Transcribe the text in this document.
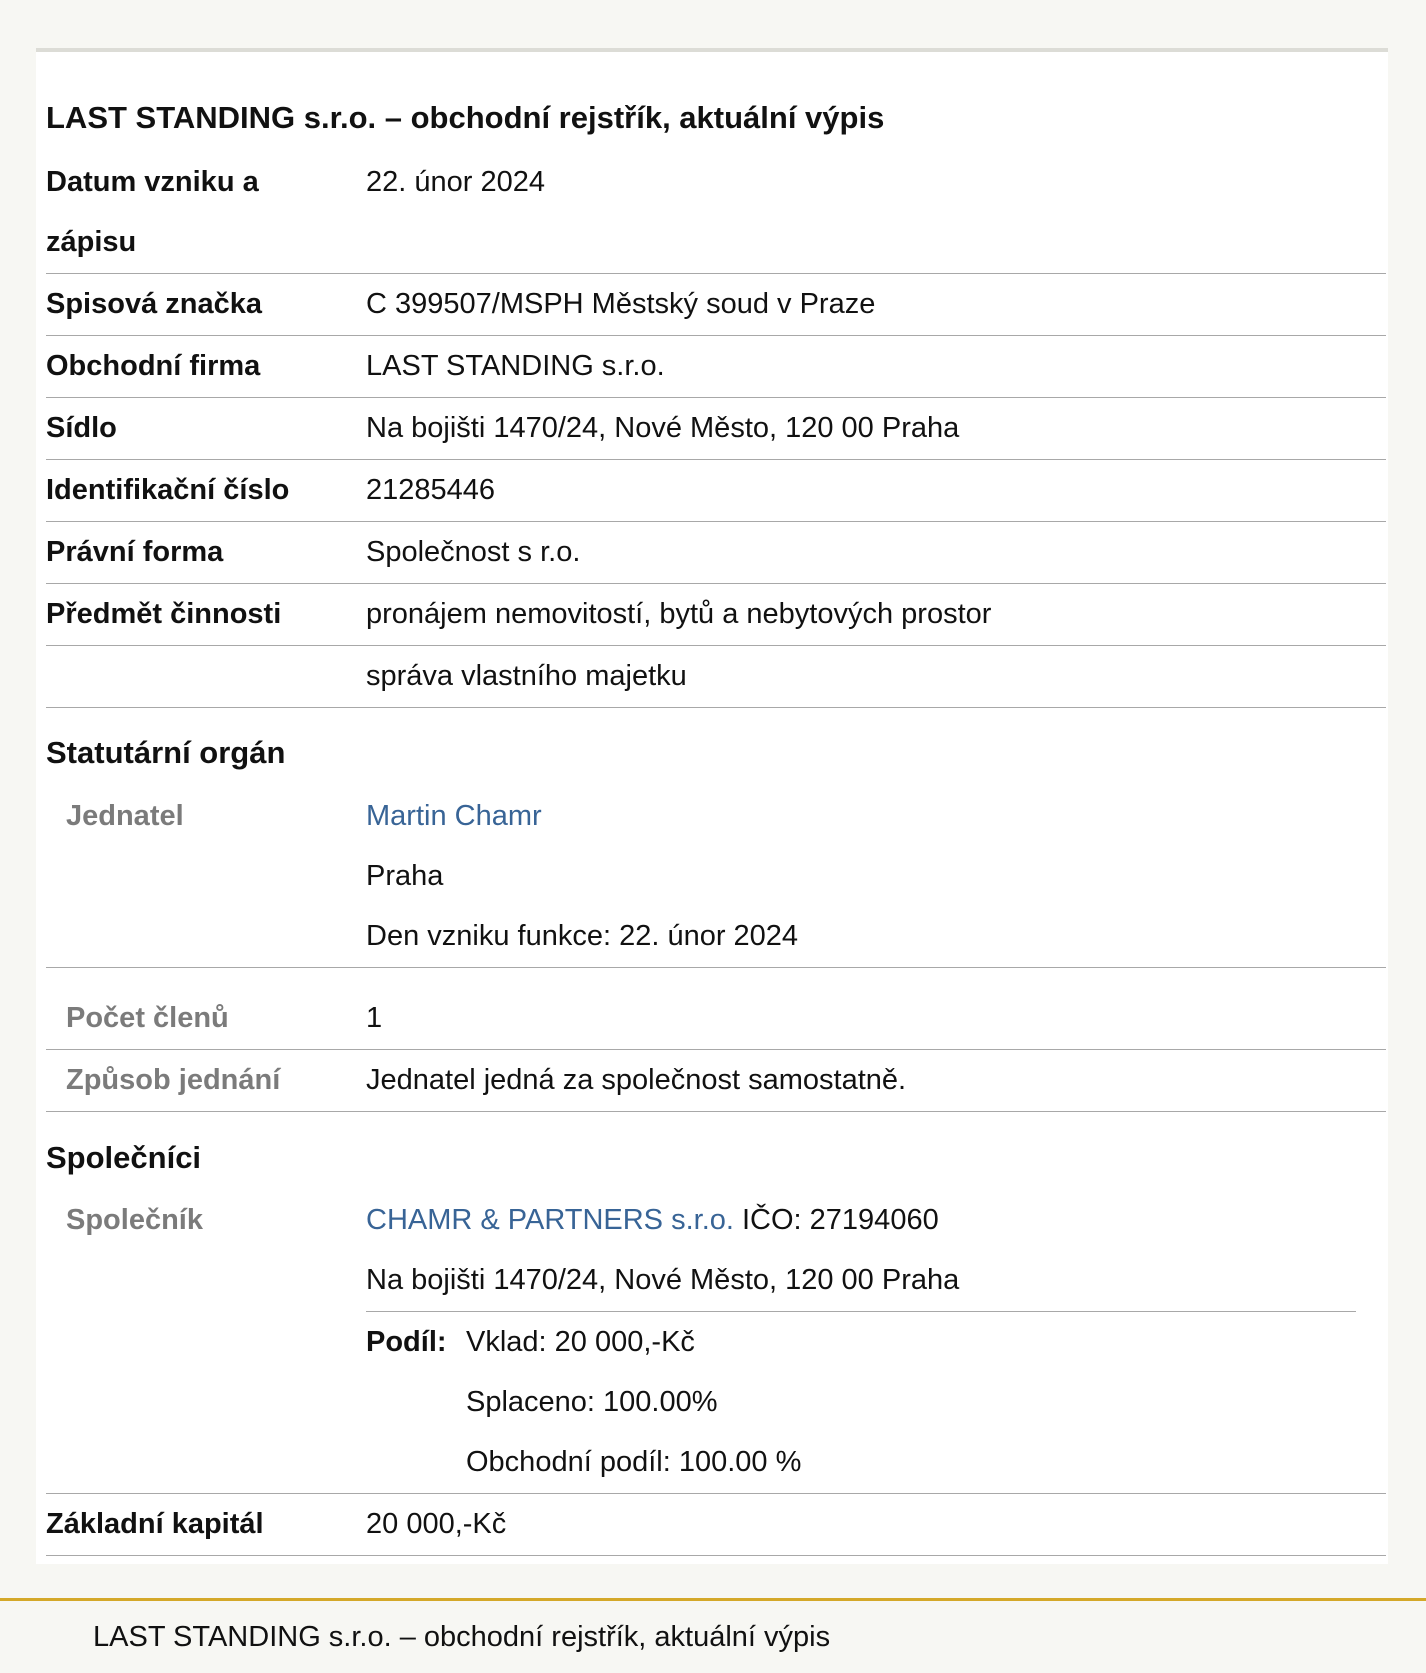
LAST STANDING s.r.o. – obchodní rejstřík, aktuální výpis
Datum vzniku a
zápisu
22. únor 2024
Spisová značka	C 399507/MSPH Městský soud v Praze
Obchodní firma	LAST STANDING s.r.o.
Sídlo	Na bojišti 1470/24, Nové Město, 120 00 Praha
Identifikační číslo	21285446
Právní forma	Společnost s r.o.
Předmět činnosti	pronájem nemovitostí, bytů a nebytových prostor
správa vlastního majetku
Statutární orgán
Jednatel	Martin Chamr
Praha
Den vzniku funkce: 22. únor 2024
Počet členů	1
Způsob jednání	Jednatel jedná za společnost samostatně.
Společníci
Společník	CHAMR & PARTNERS s.r.o. IČO: 27194060
Na bojišti 1470/24, Nové Město, 120 00 Praha
Podíl: Vklad: 20 000,-Kč
Splaceno: 100.00%
Obchodní podíl: 100.00 %
Základní kapitál	20 000,-Kč
LAST STANDING s.r.o. – obchodní rejstřík, aktuální výpis
